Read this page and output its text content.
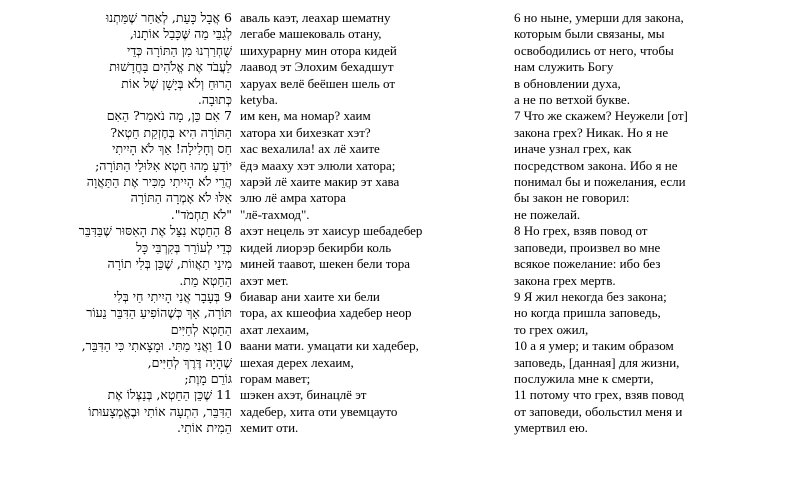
6 אֲבָל כָּעֵת, לְאַחַר שֶׁמַּתְנוּ
לְגַבֵּי מַה שֶּׁכָּבַל אוֹתָנוּ,
שֻׁחְרַרְנוּ מִן הַתּוֹרָה כְּדֵי
לַעֲבֹד אֶת אֱלֹהִים בַּחֲדָשׁוּת
הָרוּחַ וְלֹא בְּיָשָׁן שֶׁל אוֹת
כְּתוּבָה.
7 אִם כֵּן, מָה נֹאמַר? הַאִם
הַתּוֹרָה הִיא בְּחֶזְקַת חֵטְא?
חַס וְחָלִילָה! אַךְ לֹא הָיִיתִי
יוֹדֵעַ מַהוּ חֵטְא אִלּוּלֵי הַתּוֹרָה;
הֲרֵי לֹא הָיִיתִי מַכִּיר אֶת הַתַּאֲוָה
אִלּוּ לֹא אָמְרָה הַתּוֹרָה
"לֹא תַחְמֹד".
8 הַחֵטְא נִצֵּל אֶת הָאִסּוּר שֶׁבַּדִּבֵּר
כְּדֵי לְעוֹרֵר בְּקִרְבִּי כָּל
מִינֵי תַאֲווֹת, שֶׁכֵּן בְּלִי תוֹרָה
הַחֵטְא מֵת.
9 בְּעָבָר אֲנִי הָיִיתִי חַי בְּלִי
תּוֹרָה, אַךְ כְּשֶׁהוֹפִיעַ הַדִּבֵּר נֵעוֹר
הַחֵטְא לְחַיִּים
10 וַאֲנִי מַתִּי. וּמָצָאתִי כִּי הַדִּבֵּר,
שֶׁהָיָה דֶּרֶךְ לְחַיִּים,
גּוֹרֵם מָוֶת;
11 שֶׁכֵּן הַחֵטְא, בְּנַצְּלוֹ אֶת
הַדִּבֵּר, הִתְעָה אוֹתִי וּבֶאֱמְצָעוּתוֹ
הֵמִית אוֹתִי.
аваль каэт, леахар шематну
легабе машековаль отану,
шихурарну мин отора кидей
лаавод эт Элохим бехадшут
харуах велё беёшен шель от
ketyba.
им кен, ма номар? хаим
хатора хи бихезкат хэт?
хас вехалила! ах лё хаите
ёдэ мааху хэт элюли хатора;
харэй лё хаите макир эт хава
элю лё амра хатора
"лё-тахмод".
ахэт нецель эт хаисур шебадебер
кидей лиорэр бекирби коль
миней таавот, шекен бели тора
ахэт мет.
биавар ани хаите хи бели
тора, ах кшеофиа хадебер неор
ахат лехаим,
ваани мати. умацати ки хадебер,
шехая дерех лехаим,
горам мавет;
шэкен ахэт, бинацлё эт
хадебер, хита оти увемцауто
хемит оти.
6 но ныне, умерши для закона,
которым были связаны, мы
освободились от него, чтобы
нам служить Богу
в обновлении духа,
а не по ветхой букве.
7 Что же скажем? Неужели [от]
закона грех? Никак. Но я не
иначе узнал грех, как
посредством закона. Ибо я не
понимал бы и пожелания, если
бы закон не говорил:
не пожелай.
8 Но грех, взяв повод от
заповеди, произвел во мне
всякое пожелание: ибо без
закона грех мертв.
9 Я жил некогда без закона;
но когда пришла заповедь,
то грех ожил,
10 а я умер; и таким образом
заповедь, [данная] для жизни,
послужила мне к смерти,
11 потому что грех, взяв повод
от заповеди, обольстил меня и
умертвил ею.
